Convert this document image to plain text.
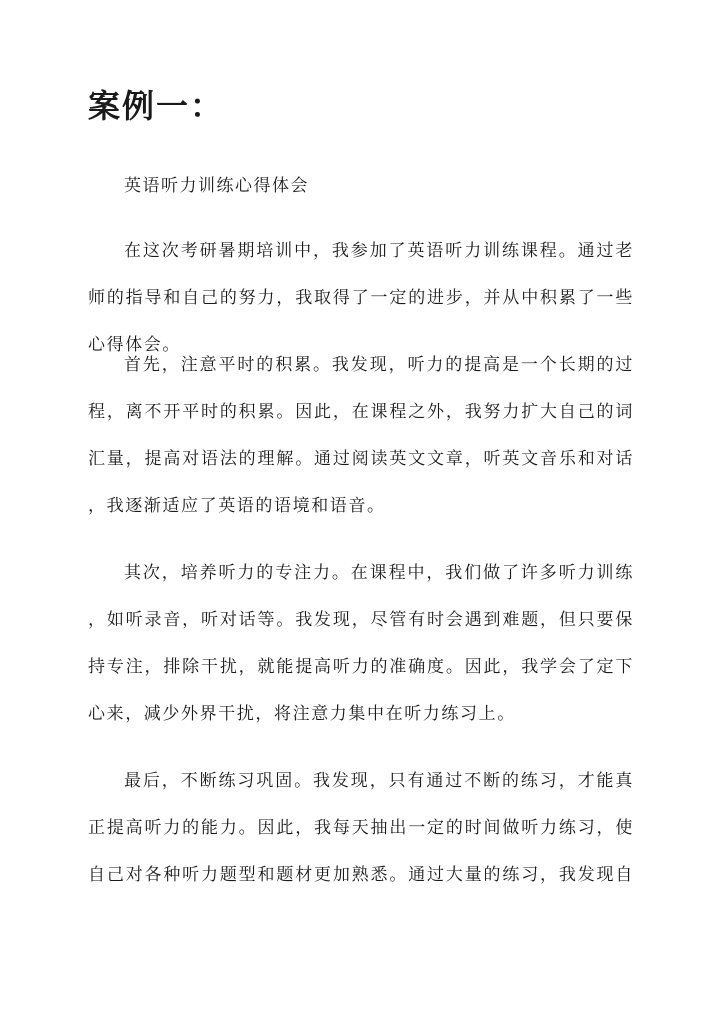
案例一：

英语听力训练心得体会

在这次考研暑期培训中，我参加了英语听力训练课程。通过老
师的指导和自己的努力，我取得了一定的进步，并从中积累了一些
心得体会。

首先，注意平时的积累。我发现，听力的提高是一个长期的过
程，离不开平时的积累。因此，在课程之外，我努力扩大自己的词
汇量，提高对语法的理解。通过阅读英文文章，听英文音乐和对话
，我逐渐适应了英语的语境和语音。

其次，培养听力的专注力。在课程中，我们做了许多听力训练
，如听录音，听对话等。我发现，尽管有时会遇到难题，但只要保
持专注，排除干扰，就能提高听力的准确度。因此，我学会了定下
心来，减少外界干扰，将注意力集中在听力练习上。

最后，不断练习巩固。我发现，只有通过不断的练习，才能真
正提高听力的能力。因此，我每天抽出一定的时间做听力练习，使
自己对各种听力题型和题材更加熟悉。通过大量的练习，我发现自
